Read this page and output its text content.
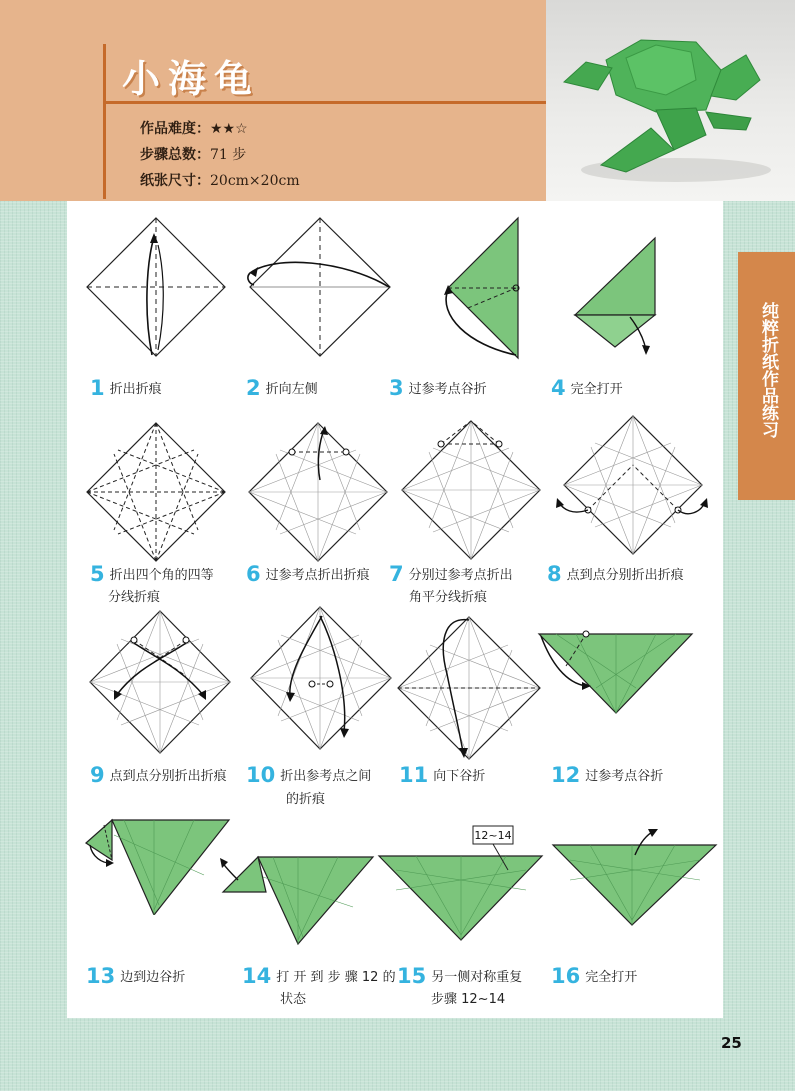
小海龟
作品难度：★★☆
步骤总数：71 步
纸张尺寸：20cm×20cm
纯粹折纸作品练习
12~14
1 折出折痕	2 折向左侧	3 过参考点谷折	4 完全打开
5 折出四个角的四等
分线折痕
6 过参考点折出折痕 7 分别过参考点折出
角平分线折痕
8 点到点分别折出折痕
9 点到点分别折出折痕 10 折出参考点之间
的折痕
11 向下谷折	12 过参考点谷折
13 边到边谷折	14 打 开 到 步 骤 12 的
状态
15 另一侧对称重复
步骤 12~14
16 完全打开
25
